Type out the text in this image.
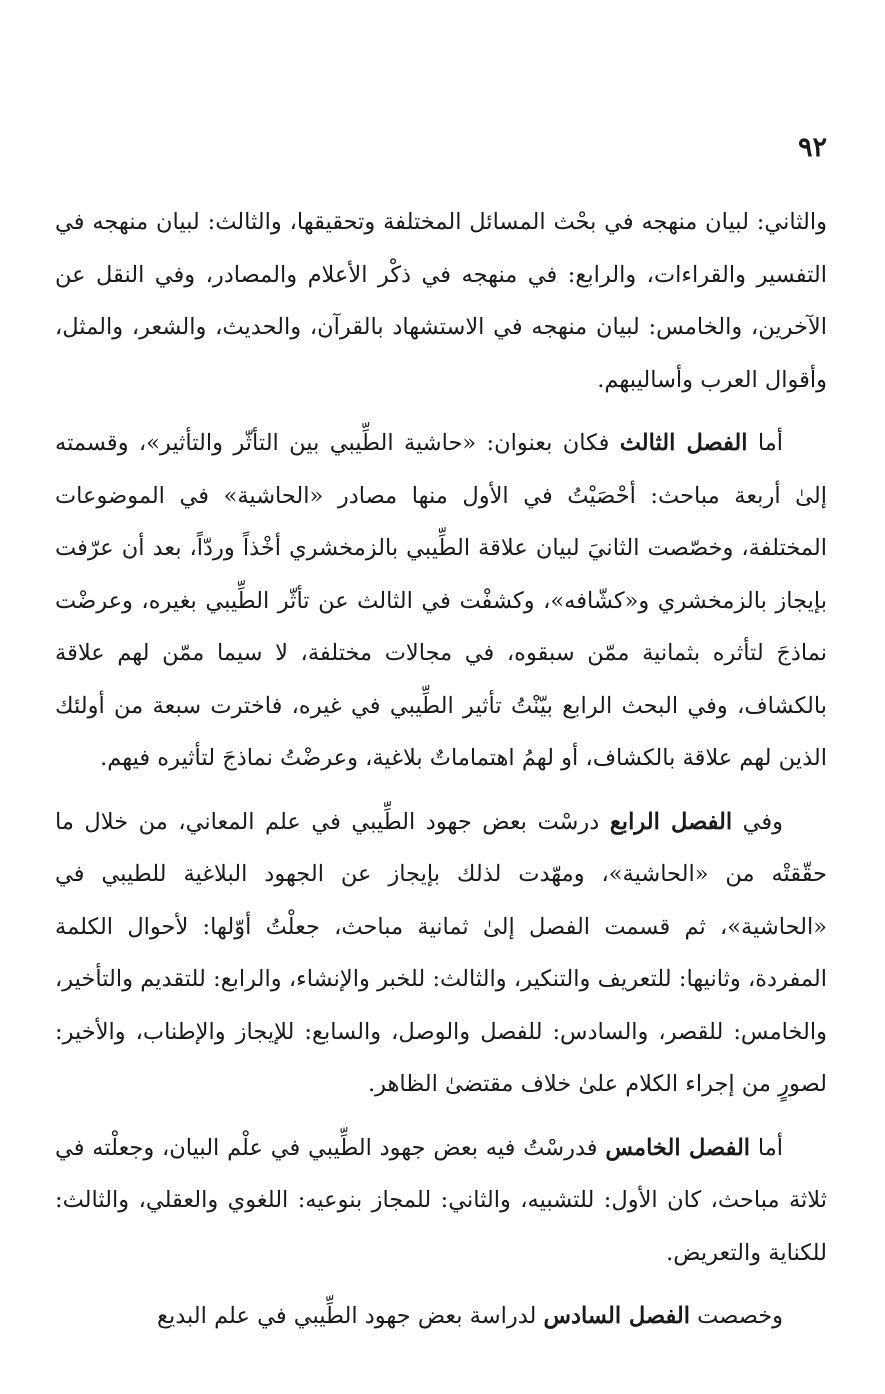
٩٢

والثاني: لبيان منهجه في بحْث المسائل المختلفة وتحقيقها، والثالث: لبيان منهجه في التفسير والقراءات، والرابع: في منهجه في ذكْر الأعلام والمصادر، وفي النقل عن الآخرين، والخامس: لبيان منهجه في الاستشهاد بالقرآن، والحديث، والشعر، والمثل، وأقوال العرب وأساليبهم.

أما الفصل الثالث فكان بعنوان: «حاشية الطِّيبي بين التأثّر والتأثير»، وقسمته إلىٰ أربعة مباحث: أحْصَيْتُ في الأول منها مصادر «الحاشية» في الموضوعات المختلفة، وخصّصت الثانيَ لبيان علاقة الطِّيبي بالزمخشري أخْذاً وردّاً، بعد أن عرّفت بإيجاز بالزمخشري و«كشّافه»، وكشفْت في الثالث عن تأثّر الطِّيبي بغيره، وعرضْت نماذجَ لتأثره بثمانية ممّن سبقوه، في مجالات مختلفة، لا سيما ممّن لهم علاقة بالكشاف، وفي البحث الرابع بيّنْتُ تأثير الطِّيبي في غيره، فاخترت سبعة من أولئك الذين لهم علاقة بالكشاف، أو لهمُ اهتماماتٌ بلاغية، وعرضْتُ نماذجَ لتأثيره فيهم.

وفي الفصل الرابع درسْت بعض جهود الطِّيبي في علم المعاني، من خلال ما حقّقتْه من «الحاشية»، ومهّدت لذلك بإيجاز عن الجهود البلاغية للطيبي في «الحاشية»، ثم قسمت الفصل إلىٰ ثمانية مباحث، جعلْتُ أوّلها: لأحوال الكلمة المفردة، وثانيها: للتعريف والتنكير، والثالث: للخبر والإنشاء، والرابع: للتقديم والتأخير، والخامس: للقصر، والسادس: للفصل والوصل، والسابع: للإيجاز والإطناب، والأخير: لصورٍ من إجراء الكلام علىٰ خلاف مقتضىٰ الظاهر.

أما الفصل الخامس فدرسْتُ فيه بعض جهود الطِّيبي في علْم البيان، وجعلْته في ثلاثة مباحث، كان الأول: للتشبيه، والثاني: للمجاز بنوعيه: اللغوي والعقلي، والثالث: للكناية والتعريض.

وخصصت الفصل السادس لدراسة بعض جهود الطِّيبي في علم البديع
